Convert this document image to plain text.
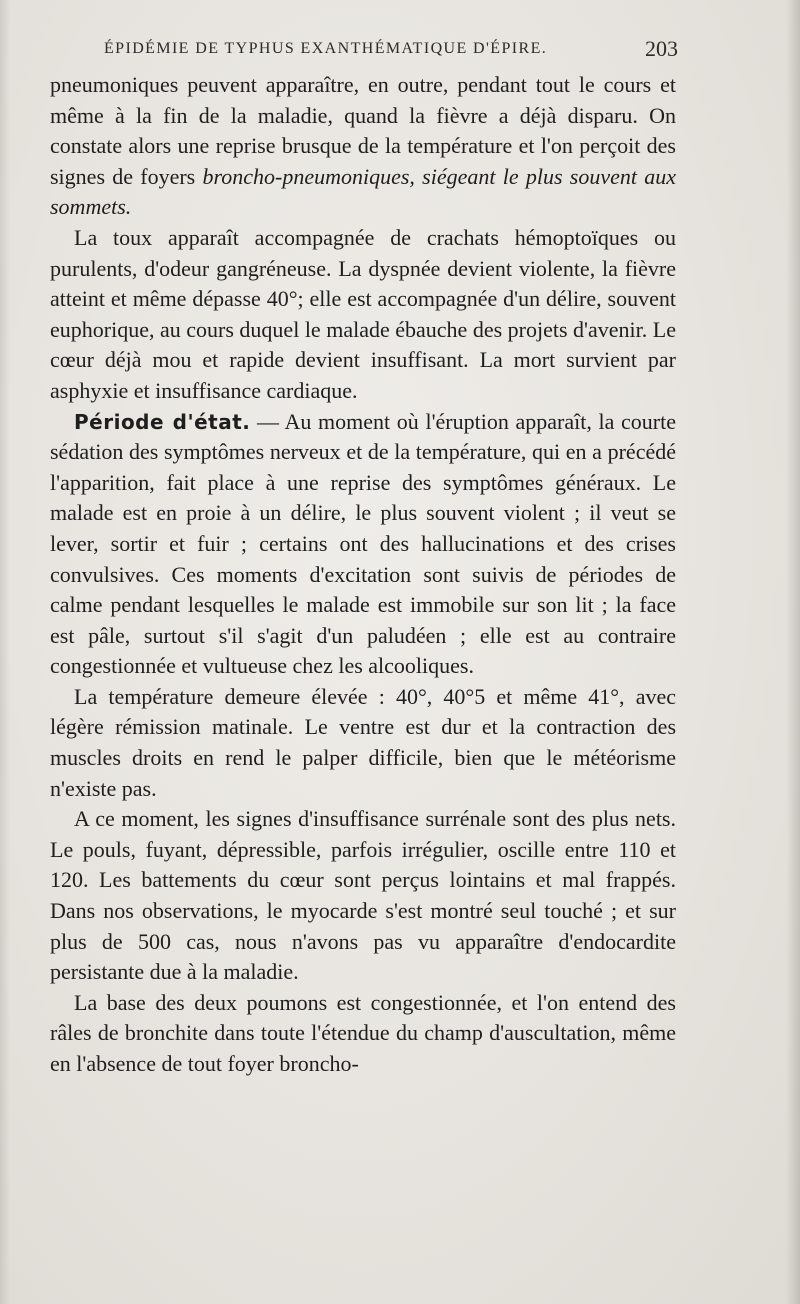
ÉPIDÉMIE DE TYPHUS EXANTHÉMATIQUE D'ÉPIRE.	203

pneumoniques peuvent apparaître, en outre, pendant tout le cours et même à la fin de la maladie, quand la fièvre a déjà disparu. On constate alors une reprise brusque de la température et l'on perçoit des signes de foyers broncho-pneumoniques, siégeant le plus souvent aux sommets.

La toux apparaît accompagnée de crachats hémoptoïques ou purulents, d'odeur gangréneuse. La dyspnée devient violente, la fièvre atteint et même dépasse 40°; elle est accompagnée d'un délire, souvent euphorique, au cours duquel le malade ébauche des projets d'avenir. Le cœur déjà mou et rapide devient insuffisant. La mort survient par asphyxie et insuffisance cardiaque.

Période d'état. — Au moment où l'éruption apparaît, la courte sédation des symptômes nerveux et de la température, qui en a précédé l'apparition, fait place à une reprise des symptômes généraux. Le malade est en proie à un délire, le plus souvent violent ; il veut se lever, sortir et fuir ; certains ont des hallucinations et des crises convulsives. Ces moments d'excitation sont suivis de périodes de calme pendant lesquelles le malade est immobile sur son lit ; la face est pâle, surtout s'il s'agit d'un paludéen ; elle est au contraire congestionnée et vultueuse chez les alcooliques.

La température demeure élevée : 40°, 40°5 et même 41°, avec légère rémission matinale. Le ventre est dur et la contraction des muscles droits en rend le palper difficile, bien que le météorisme n'existe pas.

A ce moment, les signes d'insuffisance surrénale sont des plus nets. Le pouls, fuyant, dépressible, parfois irrégulier, oscille entre 110 et 120. Les battements du cœur sont perçus lointains et mal frappés. Dans nos observations, le myocarde s'est montré seul touché ; et sur plus de 500 cas, nous n'avons pas vu apparaître d'endocardite persistante due à la maladie.

La base des deux poumons est congestionnée, et l'on entend des râles de bronchite dans toute l'étendue du champ d'auscultation, même en l'absence de tout foyer broncho-
